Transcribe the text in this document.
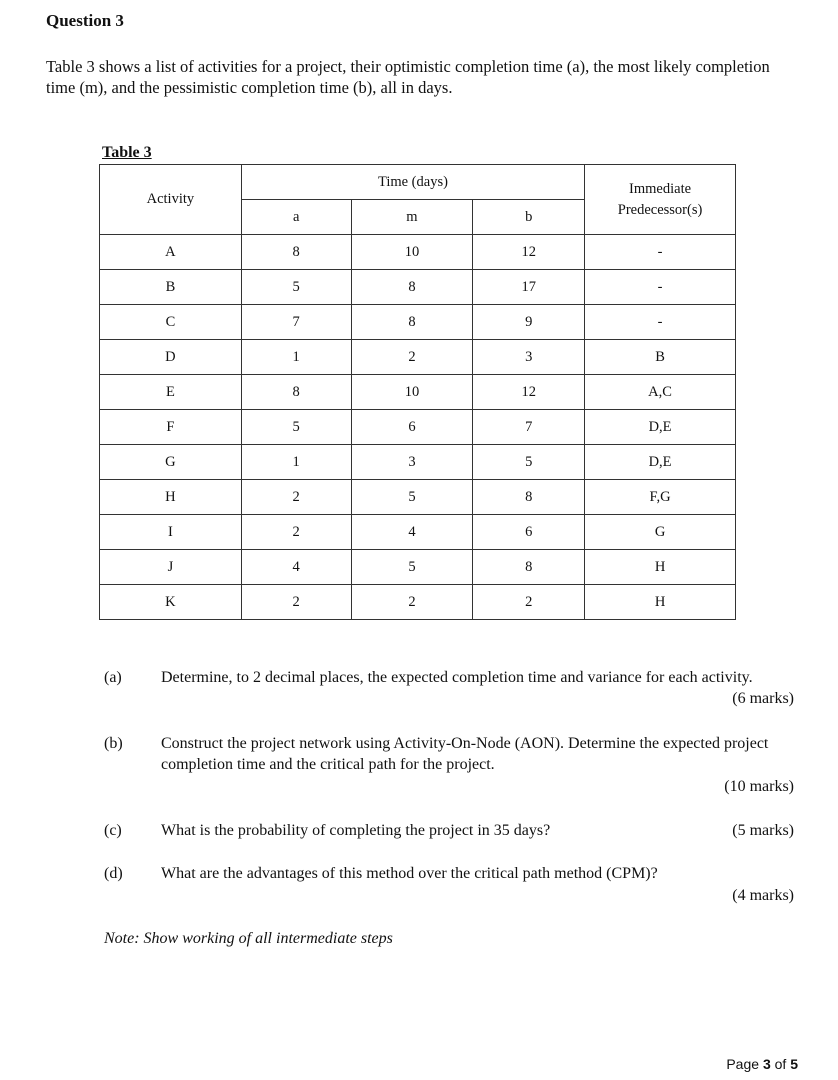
Question 3
Table 3 shows a list of activities for a project, their optimistic completion time (a), the most likely completion time (m), and the pessimistic completion time (b), all in days.
Table 3
Activity	Time (days)			Immediate Predecessor(s)
	a	m	b	
A	8	10	12	-
B	5	8	17	-
C	7	8	9	-
D	1	2	3	B
E	8	10	12	A,C
F	5	6	7	D,E
G	1	3	5	D,E
H	2	5	8	F,G
I	2	4	6	G
J	4	5	8	H
K	2	2	2	H
(a) Determine, to 2 decimal places, the expected completion time and variance for each activity.
(6 marks)
(b) Construct the project network using Activity-On-Node (AON). Determine the expected project completion time and the critical path for the project.
(10 marks)
(c) What is the probability of completing the project in 35 days?	(5 marks)
(d) What are the advantages of this method over the critical path method (CPM)?
(4 marks)
Note: Show working of all intermediate steps
Page 3 of 5
